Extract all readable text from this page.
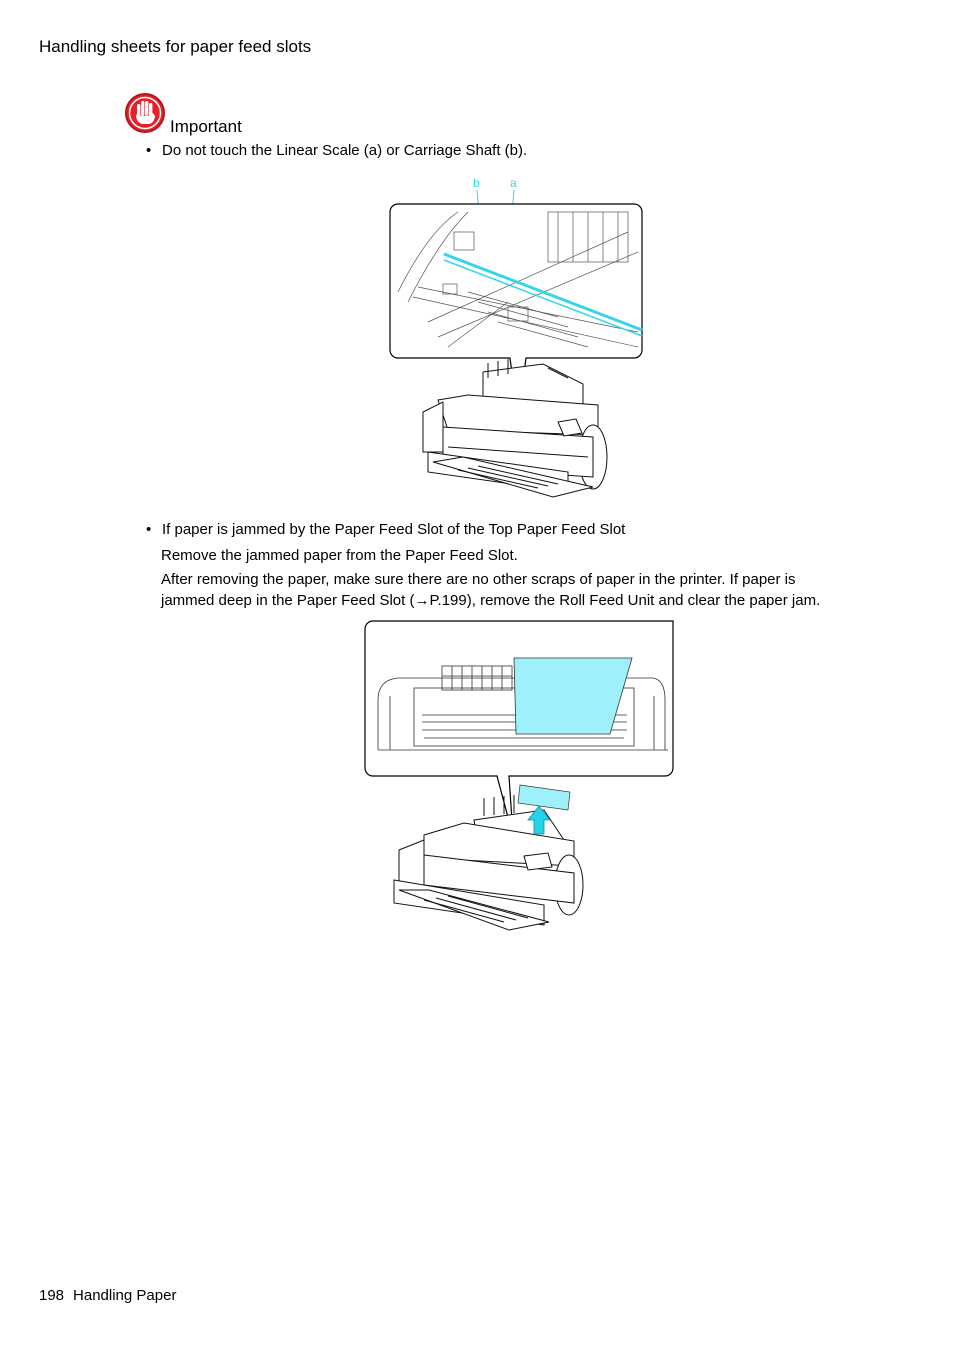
Handling sheets for paper feed slots
Important
• Do not touch the Linear Scale (a) or Carriage Shaft (b).
b	a
• If paper is jammed by the Paper Feed Slot of the Top Paper Feed Slot
Remove the jammed paper from the Paper Feed Slot.
After removing the paper, make sure there are no other scraps of paper in the printer. If paper is
jammed deep in the Paper Feed Slot (→P.199), remove the Roll Feed Unit and clear the paper jam.
198 Handling Paper
